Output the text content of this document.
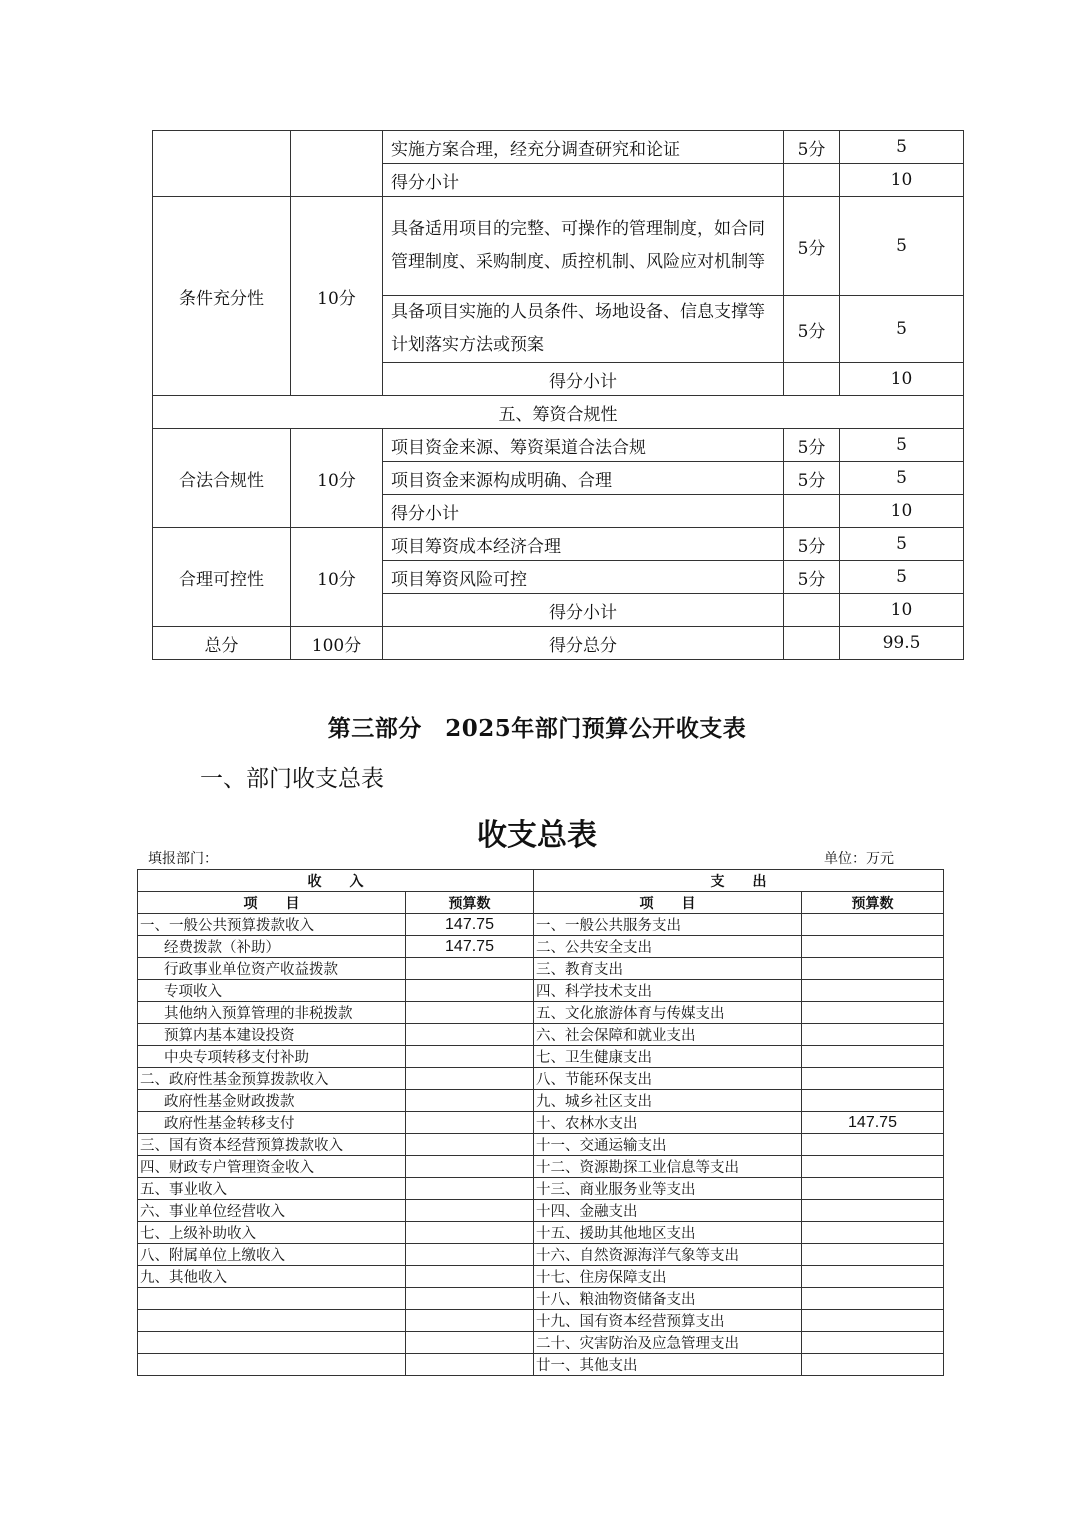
		实施方案合理，经充分调查研究和论证	5分	5
		得分小计		10
条件充分性	10分	具备适用项目的完整、可操作的管理制度，如合同管理制度、采购制度、质控机制、风险应对机制等	5分	5
		具备项目实施的人员条件、场地设备、信息支撑等计划落实方法或预案	5分	5
		得分小计		10
五、筹资合规性				
合法合规性	10分	项目资金来源、筹资渠道合法合规	5分	5
		项目资金来源构成明确、合理	5分	5
		得分小计		10
合理可控性	10分	项目筹资成本经济合理	5分	5
		项目筹资风险可控	5分	5
		得分小计		10
总分	100分	得分总分		99.5
第三部分　2025年部门预算公开收支表
一、部门收支总表
收支总表
填报部门：	单位：万元
收　　入		支　　出	
项　　目	预算数	项　　目	预算数
一、一般公共预算拨款收入	147.75	一、一般公共服务支出	
经费拨款（补助）	147.75	二、公共安全支出	
行政事业单位资产收益拨款		三、教育支出	
专项收入		四、科学技术支出	
其他纳入预算管理的非税拨款		五、文化旅游体育与传媒支出	
预算内基本建设投资		六、社会保障和就业支出	
中央专项转移支付补助		七、卫生健康支出	
二、政府性基金预算拨款收入		八、节能环保支出	
政府性基金财政拨款		九、城乡社区支出	
政府性基金转移支付		十、农林水支出	147.75
三、国有资本经营预算拨款收入		十一、交通运输支出	
四、财政专户管理资金收入		十二、资源勘探工业信息等支出	
五、事业收入		十三、商业服务业等支出	
六、事业单位经营收入		十四、金融支出	
七、上级补助收入		十五、援助其他地区支出	
八、附属单位上缴收入		十六、自然资源海洋气象等支出	
九、其他收入		十七、住房保障支出	
		十八、粮油物资储备支出	
		十九、国有资本经营预算支出	
		二十、灾害防治及应急管理支出	
		廿一、其他支出	
